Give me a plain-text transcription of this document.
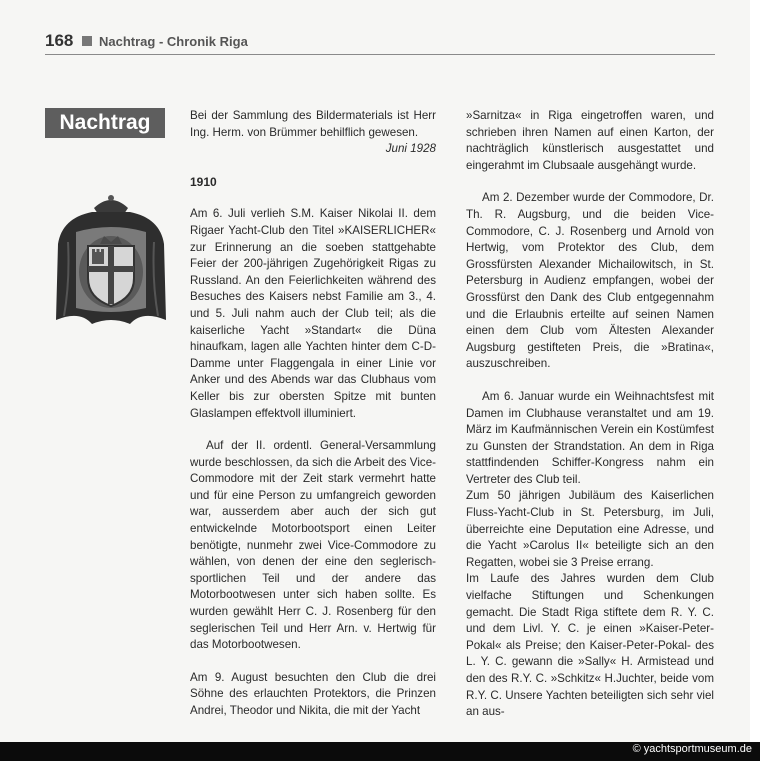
168 Nachtrag - Chronik Riga
Nachtrag	Bei der Sammlung des Bildermaterials ist Herr Ing. Herm. von Brümmer behilflich gewesen.

Juni 1928

1910

Am 6. Juli verlieh S.M. Kaiser Nikolai II. dem Rigaer Yacht-Club den Titel »KAISERLICHER« zur Erinnerung an die soeben stattgehabte Feier der 200-jährigen Zugehörigkeit Rigas zu Russland. An den Feierlichkeiten während des Besuches des Kaisers nebst Familie am 3., 4. und 5. Juli nahm auch der Club teil; als die kaiserliche Yacht »Standart« die Düna hinaufkam, lagen alle Yachten hinter dem C-D-Damme unter Flaggengala in einer Linie vor Anker und des Abends war das Clubhaus vom Keller bis zur obersten Spitze mit bunten Glaslampen effektvoll illuminiert.

Auf der II. ordentl. General-Versammlung wurde beschlossen, da sich die Arbeit des Vice-Commodore mit der Zeit stark vermehrt hatte und für eine Person zu umfangreich geworden war, ausserdem aber auch der sich gut entwickelnde Motorbootsport einen Leiter benötigte, nunmehr zwei Vice-Commodore zu wählen, von denen der eine den seglerisch-sportlichen Teil und der andere das Motorbootwesen unter sich haben sollte. Es wurden gewählt Herr C. J. Rosenberg für den seglerischen Teil und Herr Arn. v. Hertwig für das Motorbootwesen.

Am 9. August besuchten den Club die drei Söhne des erlauchten Protektors, die Prinzen Andrei, Theodor und Nikita, die mit der Yacht

»Sarnitza« in Riga eingetroffen waren, und schrieben ihren Namen auf einen Karton, der nachträglich künstlerisch ausgestattet und eingerahmt im Clubsaale ausgehängt wurde.

Am 2. Dezember wurde der Commodore, Dr. Th. R. Augsburg, und die beiden Vice-Commodore, C. J. Rosenberg und Arnold von Hertwig, vom Protektor des Club, dem Grossfürsten Alexander Michailowitsch, in St. Petersburg in Audienz empfangen, wobei der Grossfürst den Dank des Club entgegennahm und die Erlaubnis erteilte auf seinen Namen einen dem Club vom Ältesten Alexander Augsburg gestifteten Preis, die »Bratina«, auszuschreiben.

Am 6. Januar wurde ein Weihnachtsfest mit Damen im Clubhause veranstaltet und am 19. März im Kaufmännischen Verein ein Kostümfest zu Gunsten der Strandstation. An dem in Riga stattfindenden Schiffer-Kongress nahm ein Vertreter des Club teil.

Zum 50 jährigen Jubiläum des Kaiserlichen Fluss-Yacht-Club in St. Petersburg, im Juli, überreichte eine Deputation eine Adresse, und die Yacht »Carolus II« beteiligte sich an den Regatten, wobei sie 3 Preise errang.

Im Laufe des Jahres wurden dem Club vielfache Stiftungen und Schenkungen gemacht. Die Stadt Riga stiftete dem R. Y. C. und dem Livl. Y. C. je einen »Kaiser-Peter-Pokal« als Preise; den Kaiser-Peter-Pokal- des L. Y. C. gewann die »Sally« H. Armistead und den des R.Y. C. »Schkitz« H.Juchter, beide vom R.Y. C. Unsere Yachten beteiligten sich sehr viel an aus-

© yachtsportmuseum.de
